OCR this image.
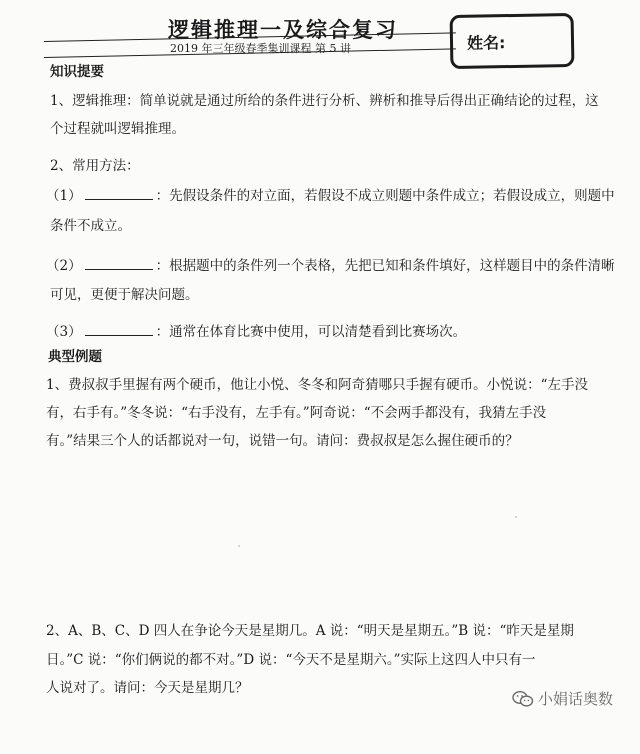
逻辑推理一及综合复习
2019 年三年级春季集训课程 第 5 讲	姓名:
知识提要
1、逻辑推理：简单说就是通过所给的条件进行分析、辨析和推导后得出正确结论的过程，这
个过程就叫逻辑推理。
2、常用方法：
（1）	：先假设条件的对立面，若假设不成立则题中条件成立；若假设成立，则题中
条件不成立。
（2）	：根据题中的条件列一个表格，先把已知和条件填好，这样题目中的条件清晰
可见，更便于解决问题。
（3）	：通常在体育比赛中使用，可以清楚看到比赛场次。
典型例题
1、费叔叔手里握有两个硬币，他让小悦、冬冬和阿奇猜哪只手握有硬币。小悦说：“左手没
有，右手有。”冬冬说：“右手没有，左手有。”阿奇说：“不会两手都没有，我猜左手没
有。”结果三个人的话都说对一句，说错一句。请问：费叔叔是怎么握住硬币的？
2、A、B、C、D 四人在争论今天是星期几。A 说：“明天是星期五。”B 说：“昨天是星期
日。”C 说：“你们俩说的都不对。”D 说：“今天不是星期六。”实际上这四人中只有一
人说对了。请问：今天是星期几？
小娟话奥数
